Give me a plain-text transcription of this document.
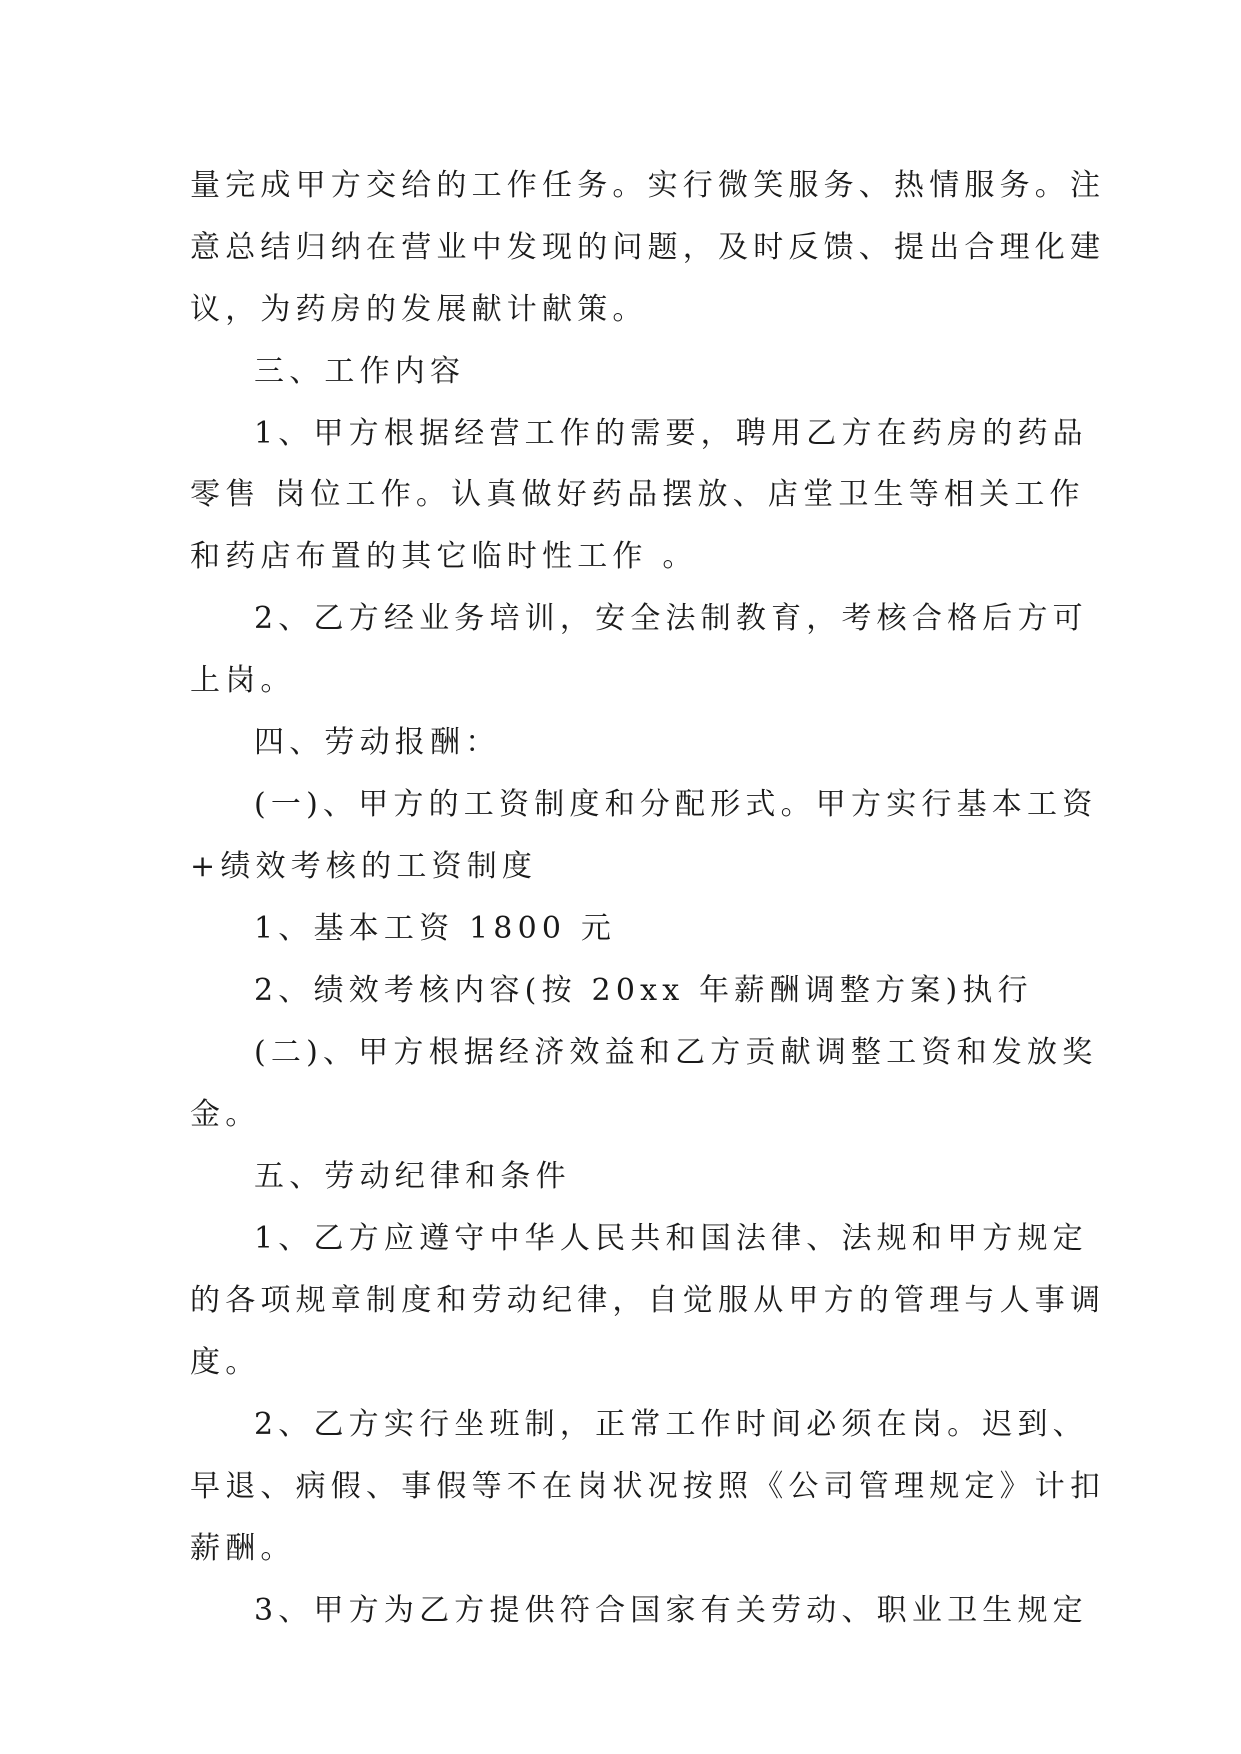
量完成甲方交给的工作任务。实行微笑服务、热情服务。注
意总结归纳在营业中发现的问题，及时反馈、提出合理化建
议，为药房的发展献计献策。
三、工作内容
1、甲方根据经营工作的需要，聘用乙方在药房的药品
零售 岗位工作。认真做好药品摆放、店堂卫生等相关工作
和药店布置的其它临时性工作 。
2、乙方经业务培训，安全法制教育，考核合格后方可
上岗。
四、劳动报酬：
(一)、甲方的工资制度和分配形式。甲方实行基本工资
+绩效考核的工资制度
1、基本工资 1800 元
2、绩效考核内容(按 20xx 年薪酬调整方案)执行
(二)、甲方根据经济效益和乙方贡献调整工资和发放奖
金。
五、劳动纪律和条件
1、乙方应遵守中华人民共和国法律、法规和甲方规定
的各项规章制度和劳动纪律，自觉服从甲方的管理与人事调
度。
2、乙方实行坐班制，正常工作时间必须在岗。迟到、
早退、病假、事假等不在岗状况按照《公司管理规定》计扣
薪酬。
3、甲方为乙方提供符合国家有关劳动、职业卫生规定
